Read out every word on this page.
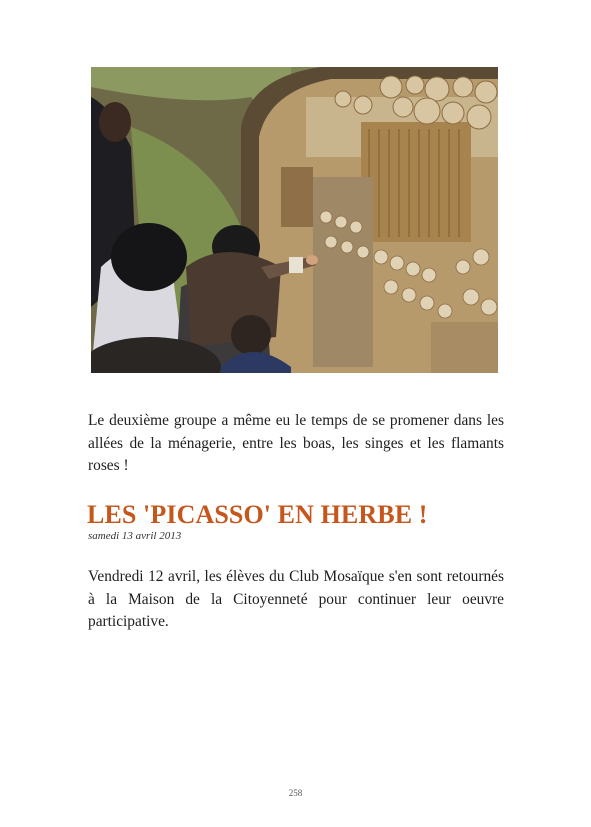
Le deuxième groupe a même eu le temps de se promener dans les allées de la ménagerie, entre les boas, les singes et les flamants roses !

LES 'PICASSO' EN HERBE !

samedi 13 avril 2013

Vendredi 12 avril, les élèves du Club Mosaïque s'en sont retournés à la Maison de la Citoyenneté pour continuer leur oeuvre participative.

258
